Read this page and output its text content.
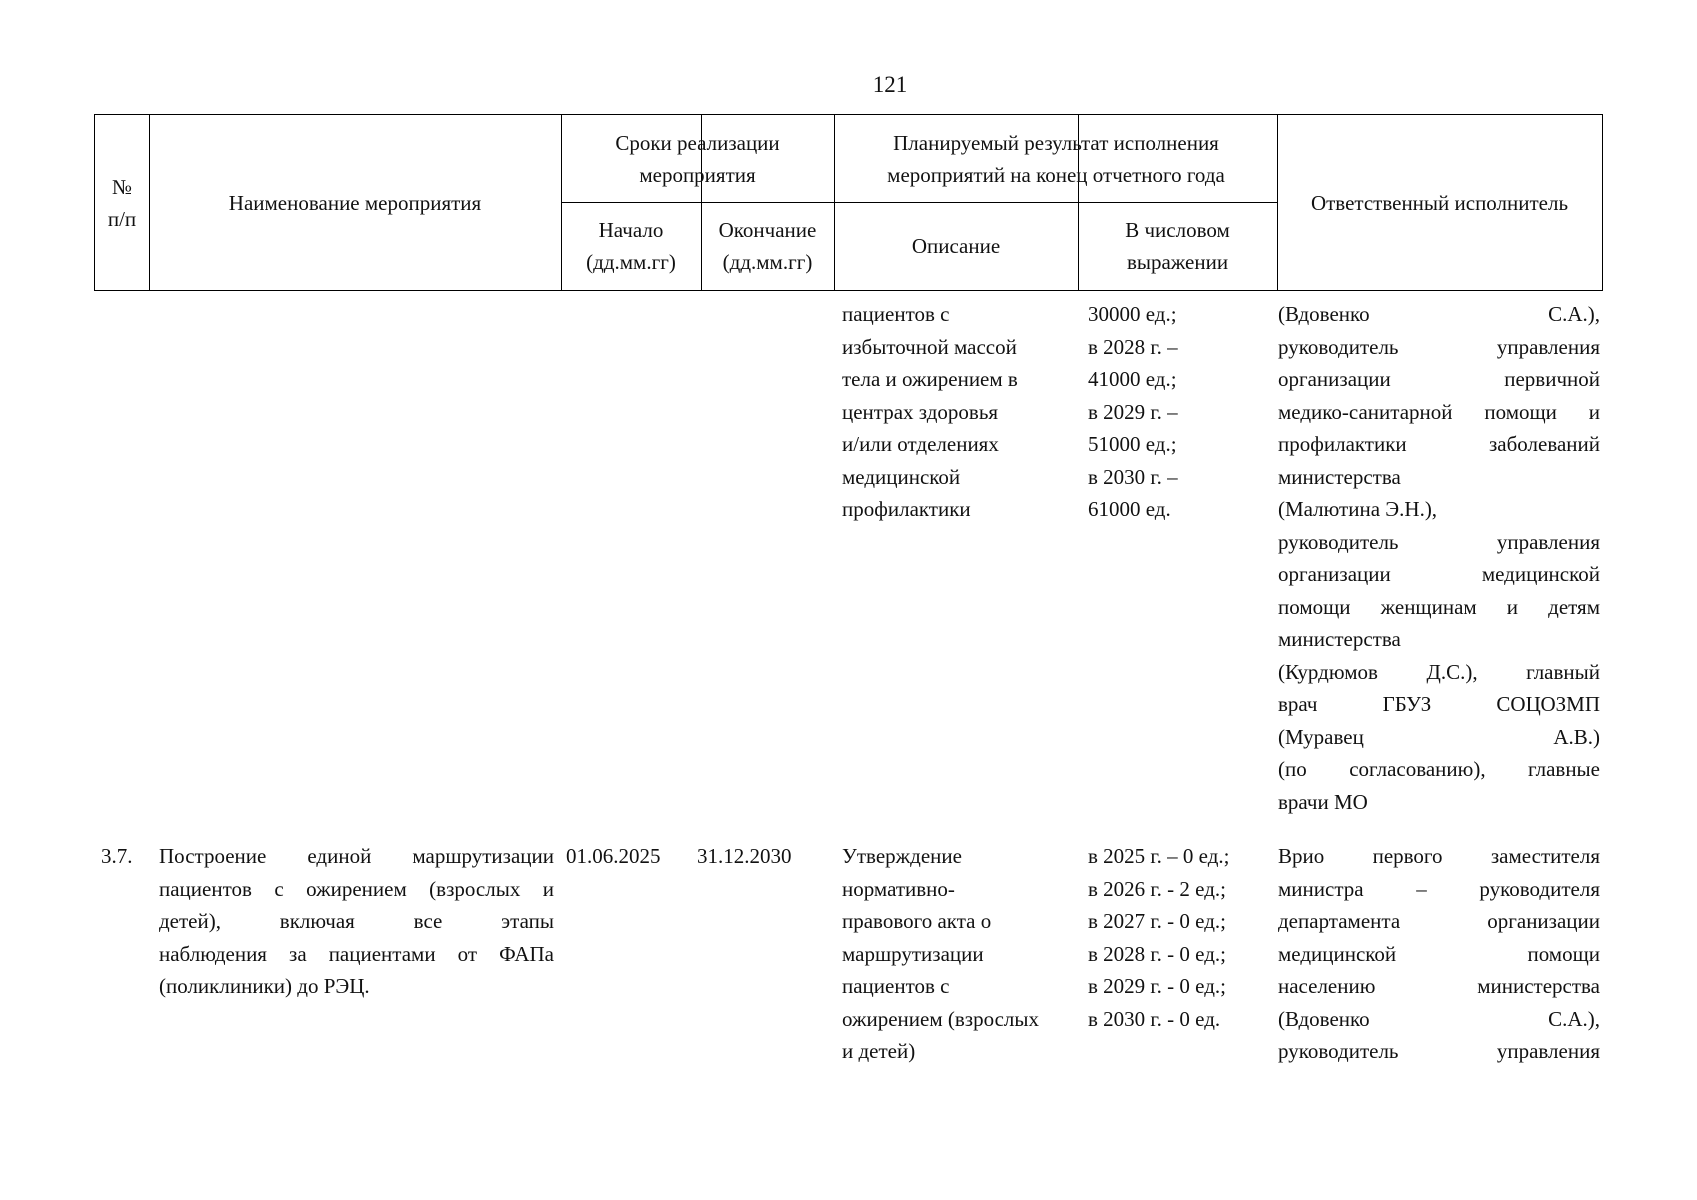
121
№
п/п
Наименование мероприятия
Сроки реализации мероприятия
Планируемый результат исполнения мероприятий на конец отчетного года
Начало (дд.мм.гг)
Окончание (дд.мм.гг)
Описание
В числовом выражении
Ответственный исполнитель
пациентов с
избыточной массой
тела и ожирением в
центрах здоровья
и/или отделениях
медицинской
профилактики
30000 ед.;
в 2028 г. –
41000 ед.;
в 2029 г. –
51000 ед.;
в 2030 г. –
61000 ед.
(Вдовенко С.А.),
руководитель управления
организации первичной
медико-санитарной помощи и
профилактики заболеваний
министерства
(Малютина Э.Н.),
руководитель управления
организации медицинской
помощи женщинам и детям
министерства
(Курдюмов Д.С.), главный
врач ГБУЗ СОЦОЗМП
(Муравец А.В.)
(по согласованию), главные
врачи МО
3.7. Построение единой маршрутизации
пациентов с ожирением (взрослых и
детей), включая все этапы
наблюдения за пациентами от ФАПа
(поликлиники) до РЭЦ.
01.06.2025 31.12.2030 Утверждение
нормативно-
правового акта о
маршрутизации
пациентов с
ожирением (взрослых
и детей)
в 2025 г. – 0 ед.;
в 2026 г. - 2 ед.;
в 2027 г. - 0 ед.;
в 2028 г. - 0 ед.;
в 2029 г. - 0 ед.;
в 2030 г. - 0 ед.
Врио первого заместителя
министра – руководителя
департамента организации
медицинской помощи
населению министерства
(Вдовенко С.А.),
руководитель управления
